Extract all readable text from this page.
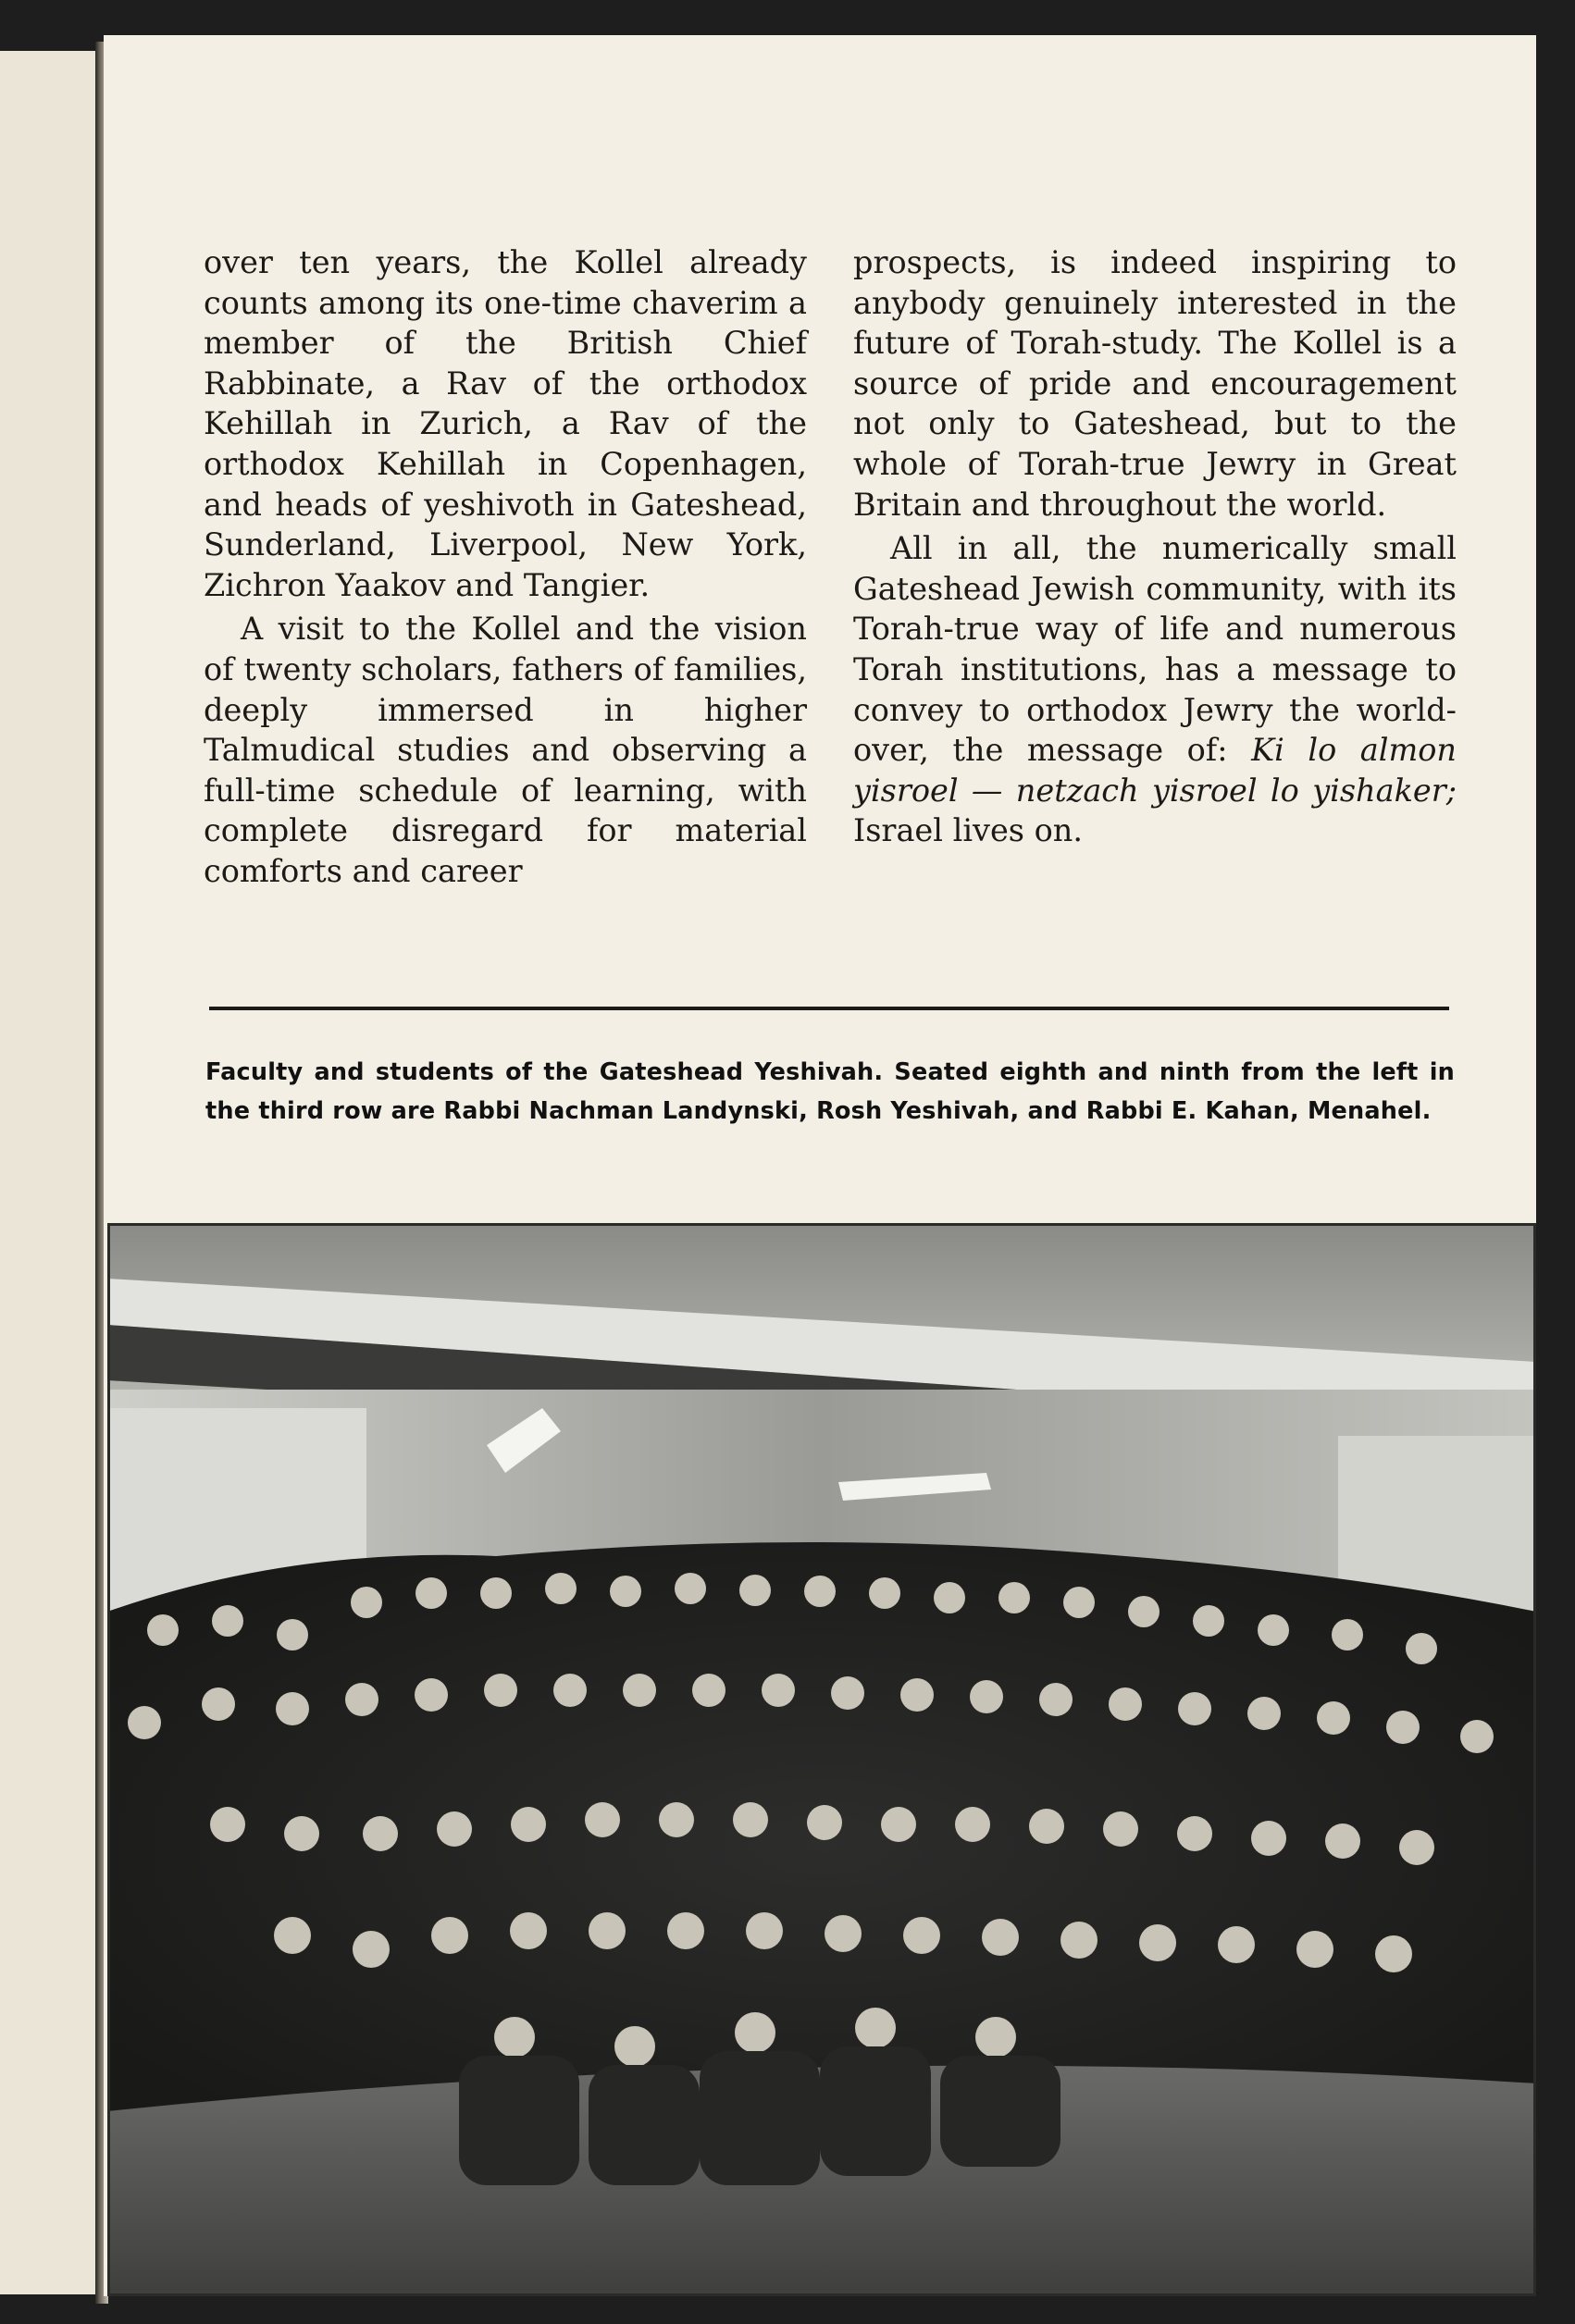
over ten years, the Kollel already counts among its one-time chaverim a member of the British Chief Rabbinate, a Rav of the orthodox Kehillah in Zurich, a Rav of the orthodox Kehillah in Copenhagen, and heads of yeshivoth in Gateshead, Sunderland, Liverpool, New York, Zichron Yaakov and Tangier.

A visit to the Kollel and the vision of twenty scholars, fathers of families, deeply immersed in higher Talmudical studies and observing a full-time schedule of learning, with complete disregard for material comforts and career

prospects, is indeed inspiring to anybody genuinely interested in the future of Torah-study. The Kollel is a source of pride and encouragement not only to Gateshead, but to the whole of Torah-true Jewry in Great Britain and throughout the world.

All in all, the numerically small Gateshead Jewish community, with its Torah-true way of life and numerous Torah institutions, has a message to convey to orthodox Jewry the world-over, the message of: Ki lo almon yisroel — netzach yisroel lo yishaker; Israel lives on.

Faculty and students of the Gateshead Yeshivah. Seated eighth and ninth from the left in the third row are Rabbi Nachman Landynski, Rosh Yeshivah, and Rabbi E. Kahan, Menahel.
